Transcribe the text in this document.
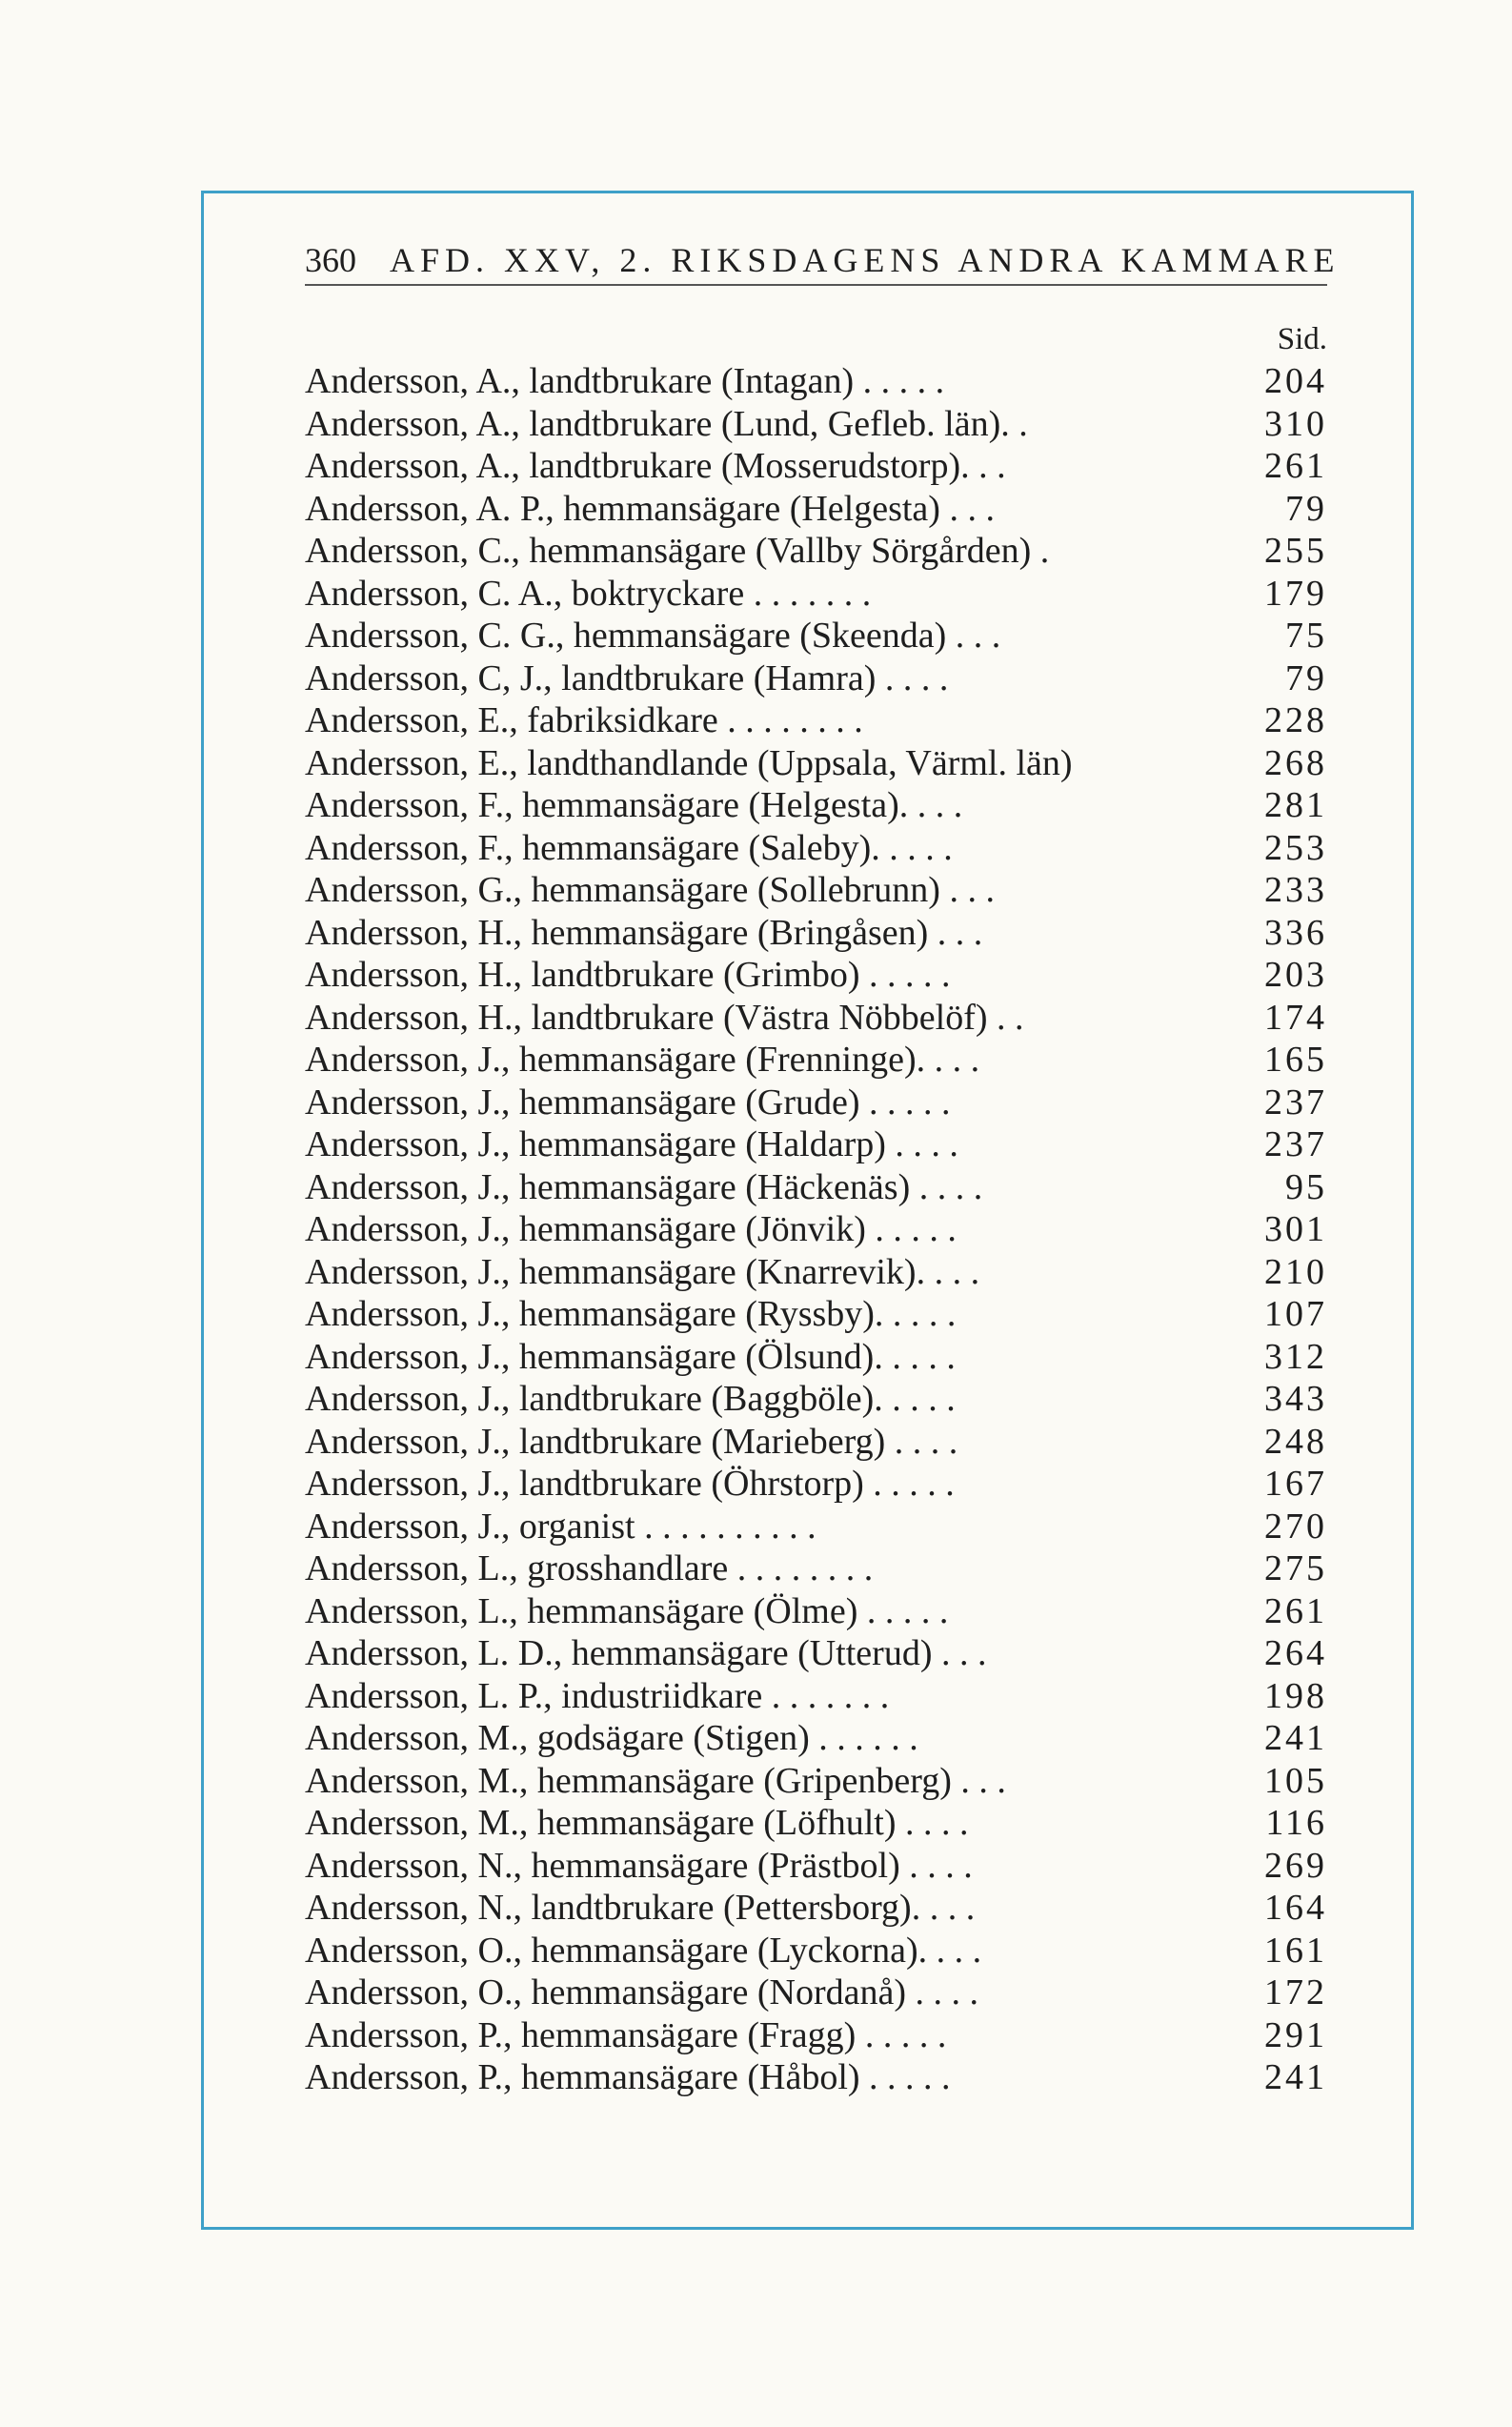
360 AFD. XXV, 2. RIKSDAGENS ANDRA KAMMARE
Sid.
Andersson, A., landtbrukare (Intagan) . . . . .	204
Andersson, A., landtbrukare (Lund, Gefleb. län). .	310
Andersson, A., landtbrukare (Mosserudstorp). . .	261
Andersson, A. P., hemmansägare (Helgesta) . . .	79
Andersson, C., hemmansägare (Vallby Sörgården) .	255
Andersson, C. A., boktryckare . . . . . . .	179
Andersson, C. G., hemmansägare (Skeenda) . . .	75
Andersson, C, J., landtbrukare (Hamra) . . . .	79
Andersson, E., fabriksidkare . . . . . . . .	228
Andersson, E., landthandlande (Uppsala, Värml. län)	268
Andersson, F., hemmansägare (Helgesta). . . .	281
Andersson, F., hemmansägare (Saleby). . . . .	253
Andersson, G., hemmansägare (Sollebrunn) . . .	233
Andersson, H., hemmansägare (Bringåsen) . . .	336
Andersson, H., landtbrukare (Grimbo) . . . . .	203
Andersson, H., landtbrukare (Västra Nöbbelöf) . .	174
Andersson, J., hemmansägare (Frenninge). . . .	165
Andersson, J., hemmansägare (Grude) . . . . .	237
Andersson, J., hemmansägare (Haldarp) . . . .	237
Andersson, J., hemmansägare (Häckenäs) . . . .	95
Andersson, J., hemmansägare (Jönvik) . . . . .	301
Andersson, J., hemmansägare (Knarrevik). . . .	210
Andersson, J., hemmansägare (Ryssby). . . . .	107
Andersson, J., hemmansägare (Ölsund). . . . .	312
Andersson, J., landtbrukare (Baggböle). . . . .	343
Andersson, J., landtbrukare (Marieberg) . . . .	248
Andersson, J., landtbrukare (Öhrstorp) . . . . .	167
Andersson, J., organist . . . . . . . . . .	270
Andersson, L., grosshandlare . . . . . . . .	275
Andersson, L., hemmansägare (Ölme) . . . . .	261
Andersson, L. D., hemmansägare (Utterud) . . .	264
Andersson, L. P., industriidkare . . . . . . .	198
Andersson, M., godsägare (Stigen) . . . . . .	241
Andersson, M., hemmansägare (Gripenberg) . . .	105
Andersson, M., hemmansägare (Löfhult) . . . .	116
Andersson, N., hemmansägare (Prästbol) . . . .	269
Andersson, N., landtbrukare (Pettersborg). . . .	164
Andersson, O., hemmansägare (Lyckorna). . . .	161
Andersson, O., hemmansägare (Nordanå) . . . .	172
Andersson, P., hemmansägare (Fragg) . . . . .	291
Andersson, P., hemmansägare (Håbol) . . . . .	241
